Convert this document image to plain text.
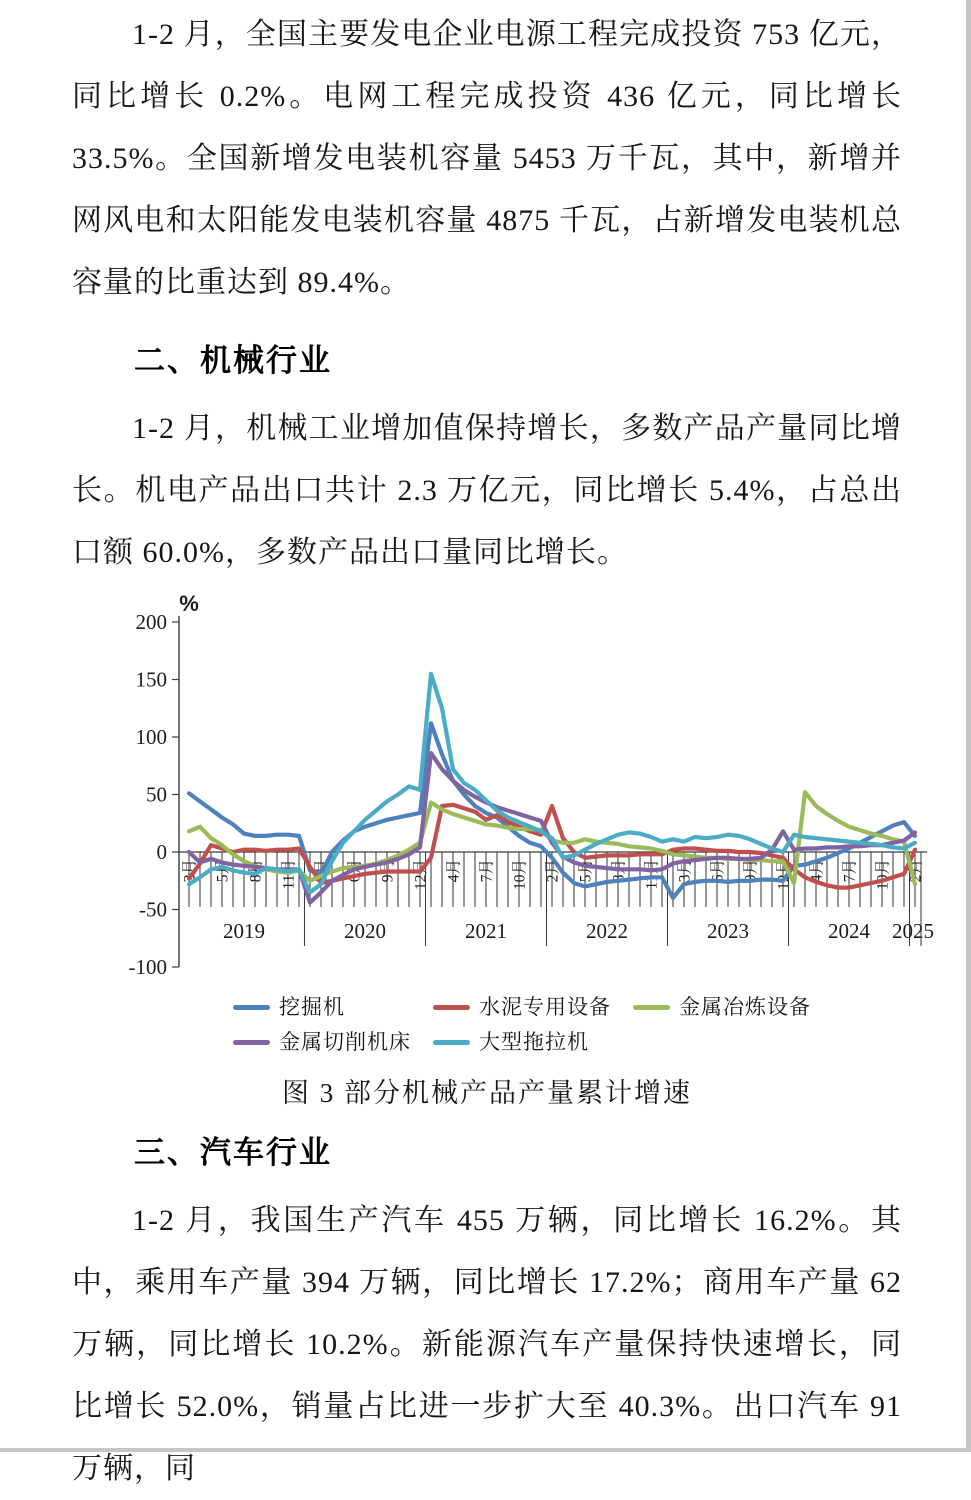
1-2 月，全国主要发电企业电源工程完成投资 753 亿元，同比增长 0.2%。电网工程完成投资 436 亿元，同比增长 33.5%。全国新增发电装机容量 5453 万千瓦，其中，新增并网风电和太阳能发电装机容量 4875 千瓦，占新增发电装机总容量的比重达到 89.4%。

二、机械行业

1-2 月，机械工业增加值保持增长，多数产品产量同比增长。机电产品出口共计 2.3 万亿元，同比增长 5.4%，占总出口额 60.0%，多数产品出口量同比增长。

200
150
100
50
0
-50
-100
%
2月 5月 8月 11月
2019
3月 6月 9月 12月
2020
4月 7月 10月
2021
2月 5月 8月 11月
2022
3月 6月 9月 12月
2023
4月 7月 10月
2024
2月
2025
挖掘机	水泥专用设备	金属冶炼设备
金属切削机床	大型拖拉机
图 3 部分机械产品产量累计增速
三、汽车行业

1-2 月，我国生产汽车 455 万辆，同比增长 16.2%。其中，乘用车产量 394 万辆，同比增长 17.2%；商用车产量 62 万辆，同比增长 10.2%。新能源汽车产量保持快速增长，同比增长 52.0%，销量占比进一步扩大至 40.3%。出口汽车 91 万辆，同
